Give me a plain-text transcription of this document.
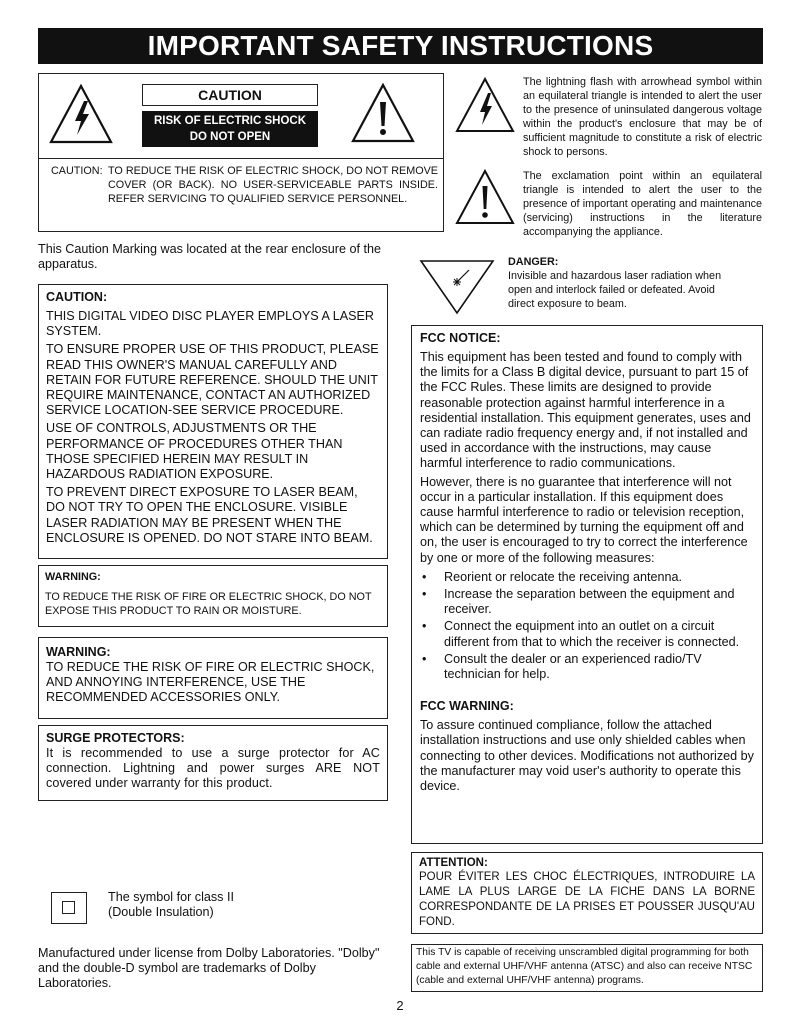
IMPORTANT SAFETY INSTRUCTIONS
CAUTION
RISK OF ELECTRIC SHOCK
DO NOT OPEN
CAUTION: TO REDUCE THE RISK OF ELECTRIC SHOCK, DO NOT REMOVE COVER (OR BACK). NO USER-SERVICEABLE PARTS INSIDE. REFER SERVICING TO QUALIFIED SERVICE PERSONNEL.
The lightning flash with arrowhead symbol within an equilateral triangle is intended to alert the user to the presence of uninsulated dangerous voltage within the product's enclosure that may be of sufficient magnitude to constitute a risk of electric shock to persons.
The exclamation point within an equilateral triangle is intended to alert the user to the presence of important operating and maintenance (servicing) instructions in the literature accompanying the appliance.
This Caution Marking was located at the rear enclosure of the apparatus.	DANGER:
Invisible and hazardous laser radiation when open and interlock failed or defeated. Avoid direct exposure to beam.
CAUTION:

THIS DIGITAL VIDEO DISC PLAYER EMPLOYS A LASER SYSTEM.

TO ENSURE PROPER USE OF THIS PRODUCT, PLEASE READ THIS OWNER'S MANUAL CAREFULLY AND RETAIN FOR FUTURE REFERENCE. SHOULD THE UNIT REQUIRE MAINTENANCE, CONTACT AN AUTHORIZED SERVICE LOCATION-SEE SERVICE PROCEDURE.

USE OF CONTROLS, ADJUSTMENTS OR THE PERFORMANCE OF PROCEDURES OTHER THAN THOSE SPECIFIED HEREIN MAY RESULT IN HAZARDOUS RADIATION EXPOSURE.

TO PREVENT DIRECT EXPOSURE TO LASER BEAM, DO NOT TRY TO OPEN THE ENCLOSURE. VISIBLE LASER RADIATION MAY BE PRESENT WHEN THE ENCLOSURE IS OPENED. DO NOT STARE INTO BEAM.

WARNING:
TO REDUCE THE RISK OF FIRE OR ELECTRIC SHOCK, DO NOT EXPOSE THIS PRODUCT TO RAIN OR MOISTURE.
WARNING:
TO REDUCE THE RISK OF FIRE OR ELECTRIC SHOCK, AND ANNOYING INTERFERENCE, USE THE RECOMMENDED ACCESSORIES ONLY.
SURGE PROTECTORS:
It is recommended to use a surge protector for AC connection. Lightning and power surges ARE NOT covered under warranty for this product.
The symbol for class II
(Double Insulation)
Manufactured under license from Dolby Laboratories. "Dolby" and the double-D symbol are trademarks of Dolby Laboratories.
FCC NOTICE:

This equipment has been tested and found to comply with the limits for a Class B digital device, pursuant to part 15 of the FCC Rules. These limits are designed to provide reasonable protection against harmful interference in a residential installation. This equipment generates, uses and can radiate radio frequency energy and, if not installed and used in accordance with the instructions, may cause harmful interference to radio communications.

However, there is no guarantee that interference will not occur in a particular installation. If this equipment does cause harmful interference to radio or television reception, which can be determined by turning the equipment off and on, the user is encouraged to try to correct the interference by one or more of the following measures:

• Reorient or relocate the receiving antenna.
• Increase the separation between the equipment and receiver.
• Connect the equipment into an outlet on a circuit different from that to which the receiver is connected.
• Consult the dealer or an experienced radio/TV technician for help.
FCC WARNING:

To assure continued compliance, follow the attached installation instructions and use only shielded cables when connecting to other devices. Modifications not authorized by the manufacturer may void user's authority to operate this device.

ATTENTION:
POUR ÉVITER LES CHOC ÉLECTRIQUES, INTRODUIRE LA LAME LA PLUS LARGE DE LA FICHE DANS LA BORNE CORRESPONDANTE DE LA PRISES ET POUSSER JUSQU'AU FOND.
This TV is capable of receiving unscrambled digital programming for both cable and external UHF/VHF antenna (ATSC) and also can receive NTSC (cable and external UHF/VHF antenna) programs.
2
